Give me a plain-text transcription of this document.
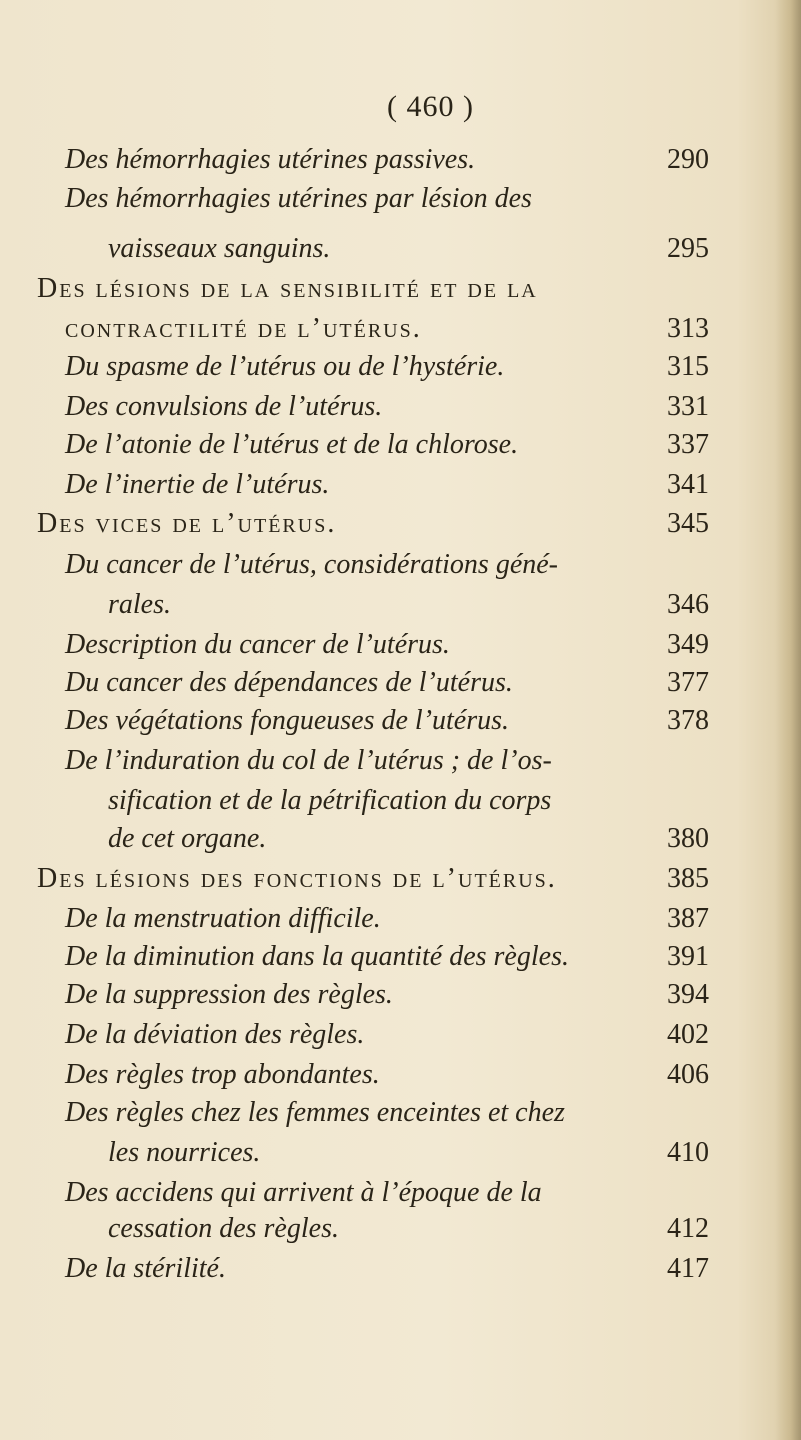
( 460 )
Des hémorrhagies utérines passives.	290
Des hémorrhagies utérines par lésion des
vaisseaux sanguins.	295
Des lésions de la sensibilité et de la
contractilité de l’utérus.	313
Du spasme de l’utérus ou de l’hystérie.	315
Des convulsions de l’utérus.	331
De l’atonie de l’utérus et de la chlorose.	337
De l’inertie de l’utérus.	341
Des vices de l’utérus.	345
Du cancer de l’utérus, considérations géné-
rales.	346
Description du cancer de l’utérus.	349
Du cancer des dépendances de l’utérus.	377
Des végétations fongueuses de l’utérus.	378
De l’induration du col de l’utérus ; de l’os-
sification et de la pétrification du corps
de cet organe.	380
Des lésions des fonctions de l’utérus.	385
De la menstruation difficile.	387
De la diminution dans la quantité des règles.	391
De la suppression des règles.	394
De la déviation des règles.	402
Des règles trop abondantes.	406
Des règles chez les femmes enceintes et chez
les nourrices.	410
Des accidens qui arrivent à l’époque de la
cessation des règles.	412
De la stérilité.	417
